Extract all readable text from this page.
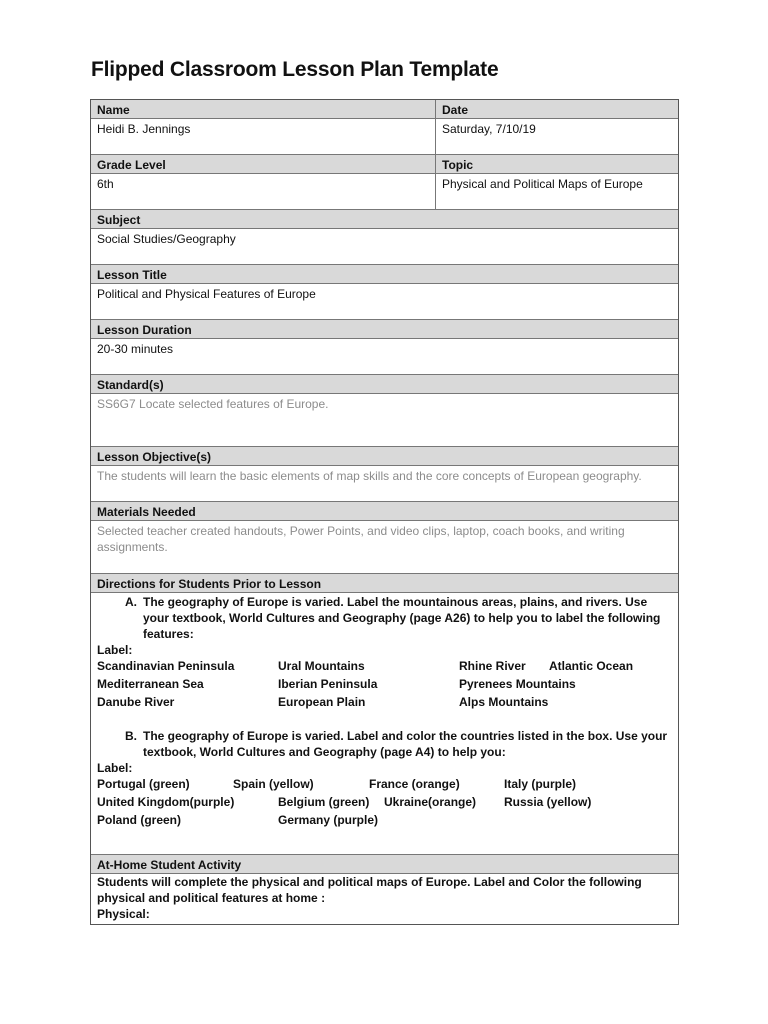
Flipped Classroom Lesson Plan Template
Name	Date
Heidi B. Jennings	Saturday, 7/10/19
Grade Level	Topic
6th	Physical and Political Maps of Europe
Subject
Social Studies/Geography
Lesson Title
Political and Physical Features of Europe
Lesson Duration
20-30 minutes
Standard(s)
SS6G7 Locate selected features of Europe.
Lesson Objective(s)
The students will learn the basic elements of map skills and the core concepts of European geography.
Materials Needed
Selected teacher created handouts, Power Points, and video clips, laptop, coach books, and writing assignments.
Directions for Students Prior to Lesson
A. The geography of Europe is varied. Label the mountainous areas, plains, and rivers. Use your textbook, World Cultures and Geography (page A26) to help you to label the following features:
Label:
Scandinavian Peninsula	Ural Mountains	Rhine River Atlantic Ocean
Mediterranean Sea	Iberian Peninsula	Pyrenees Mountains
Danube River	European Plain	Alps Mountains
B. The geography of Europe is varied. Label and color the countries listed in the box. Use your textbook, World Cultures and Geography (page A4) to help you:
Label:
Portugal (green)	Spain (yellow)	France (orange)	Italy (purple)
United Kingdom(purple)	Belgium (green) Ukraine(orange) Russia (yellow)
Poland (green)	Germany (purple)
At-Home Student Activity
Students will complete the physical and political maps of Europe. Label and Color the following physical and political features at home :
Physical:
